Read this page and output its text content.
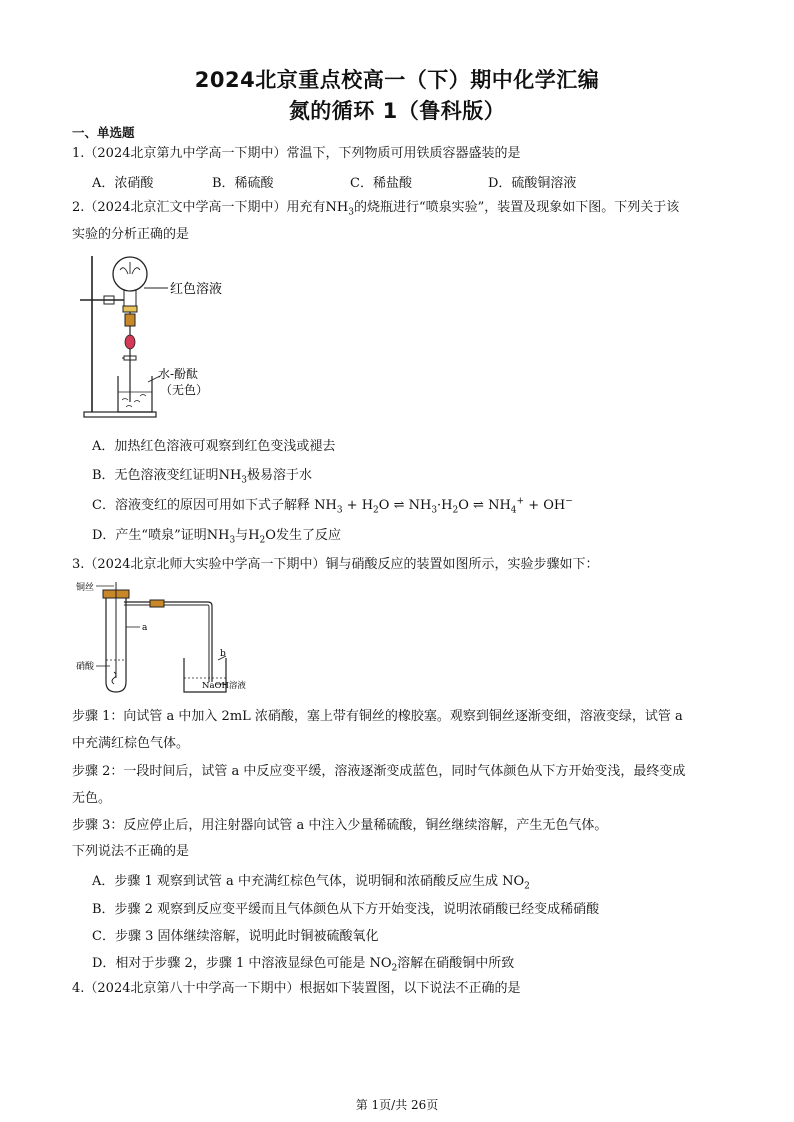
2024北京重点校高一（下）期中化学汇编
氮的循环 1（鲁科版）
一、单选题
1.（2024北京第九中学高一下期中）常温下，下列物质可用铁质容器盛装的是
A．浓硝酸	B．稀硫酸	C．稀盐酸	D．硫酸铜溶液
2.（2024北京汇文中学高一下期中）用充有$NH_3$的烧瓶进行“喷泉实验”，装置及现象如下图。下列关于该
实验的分析正确的是
红色溶液
水-酚酞
（无色）
A．加热红色溶液可观察到红色变浅或褪去
B．无色溶液变红证明$NH_3$极易溶于水
C．溶液变红的原因可用如下式子解释 $NH_3 + H_2O$ ⇌ $NH_3\cdot H_2O$ ⇌ $NH_4^+ + OH^-$
D．产生“喷泉”证明$NH_3$与$H_2O$发生了反应
3.（2024北京北师大实验中学高一下期中）铜与硝酸反应的装置如图所示，实验步骤如下：
铜丝
a
硝酸
b
NaOH溶液
步骤 1：向试管 a 中加入 2mL 浓硝酸，塞上带有铜丝的橡胶塞。观察到铜丝逐渐变细，溶液变绿，试管 a
中充满红棕色气体。
步骤 2：一段时间后，试管 a 中反应变平缓，溶液逐渐变成蓝色，同时气体颜色从下方开始变浅，最终变成
无色。
步骤 3：反应停止后，用注射器向试管 a 中注入少量稀硫酸，铜丝继续溶解，产生无色气体。
下列说法不正确的是
A．步骤 1 观察到试管 a 中充满红棕色气体，说明铜和浓硝酸反应生成 $NO_2$
B．步骤 2 观察到反应变平缓而且气体颜色从下方开始变浅，说明浓硝酸已经变成稀硝酸
C．步骤 3 固体继续溶解，说明此时铜被硫酸氧化
D．相对于步骤 2，步骤 1 中溶液显绿色可能是 $NO_2$溶解在硝酸铜中所致
4.（2024北京第八十中学高一下期中）根据如下装置图，以下说法不正确的是
第 1页/共 26页
